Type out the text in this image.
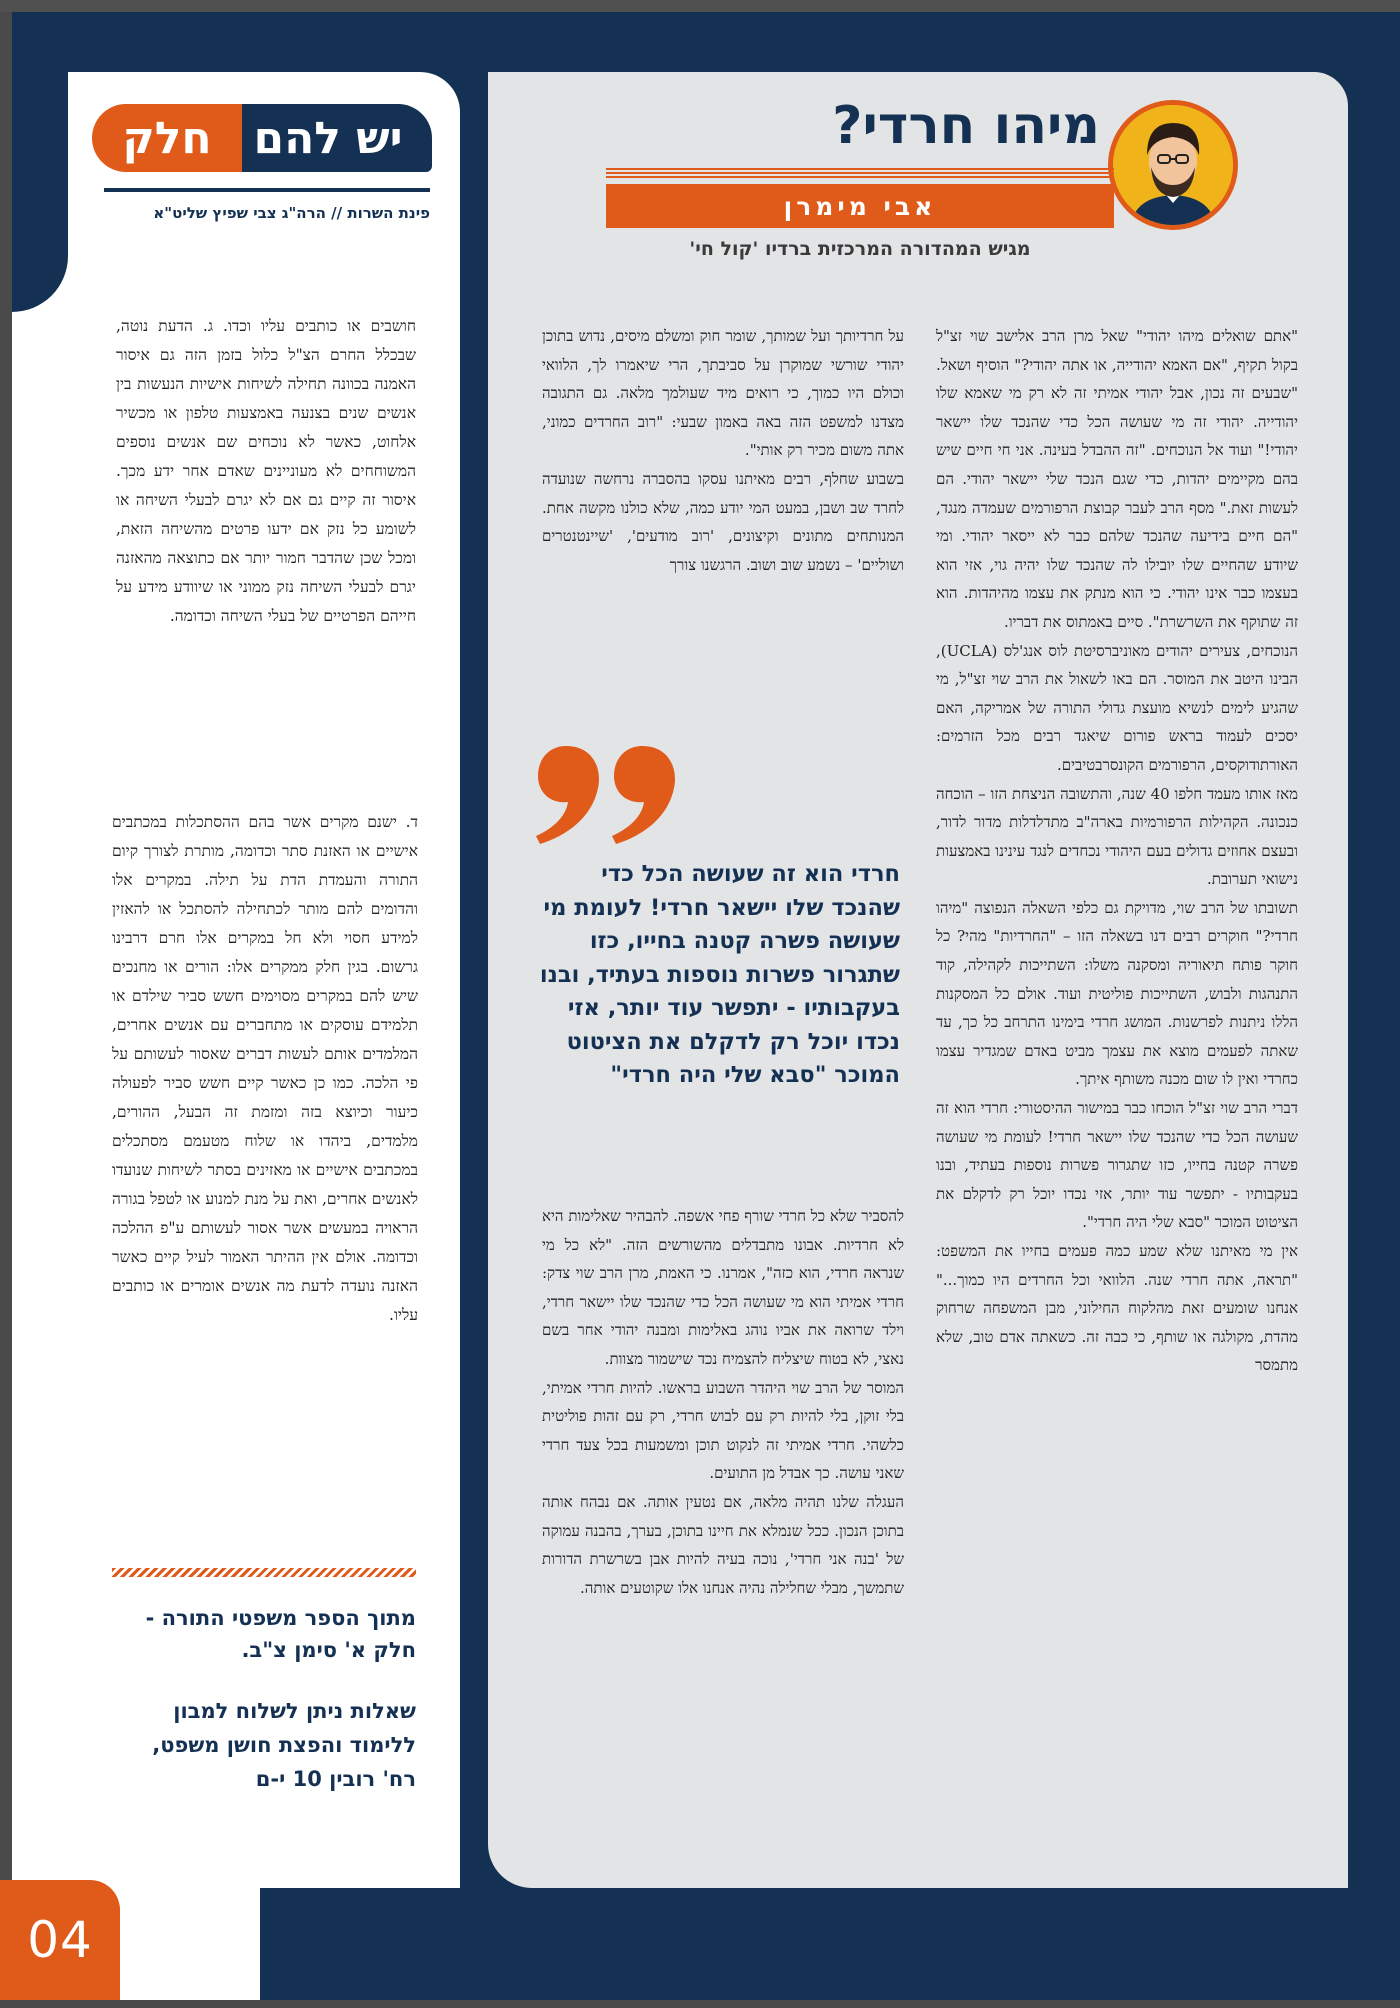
04
יש להם
חלק
פינת השרות // הרה"ג צבי שפיץ שליט"א
חושבים או כותבים עליו וכדו. ג. הדעת נוטה, שבכלל החרם הצ"ל כלול בזמן הזה גם איסור האמנה בכוונה תחילה לשיחות אישיות הנעשות בין אנשים שנים בצנעה באמצעות טלפון או מכשיר אלחוט, כאשר לא נוכחים שם אנשים נוספים המשוחחים לא מעוניינים שאדם אחר ידע מכך. איסור זה קיים גם אם לא יגרם לבעלי השיחה או לשומע כל נזק אם ידעו פרטים מהשיחה הזאת, ומכל שכן שהדבר חמור יותר אם כתוצאה מהאזנה יגרם לבעלי השיחה נזק ממוני או שיוודע מידע על חייהם הפרטיים של בעלי השיחה וכדומה.
ד. ישנם מקרים אשר בהם ההסתכלות במכתבים אישיים או האזנת סתר וכדומה, מותרת לצורך קיום התורה והעמדת הדת על תילה. במקרים אלו והדומים להם מותר לכתחילה להסתכל או להאזין למידע חסוי ולא חל במקרים אלו חרם דרבינו גרשום. בגין חלק ממקרים אלו: הורים או מחנכים שיש להם במקרים מסוימים חשש סביר שילדם או תלמידם עוסקים או מתחברים עם אנשים אחרים, המלמדים אותם לעשות דברים שאסור לעשותם על פי הלכה. כמו כן כאשר קיים חשש סביר לפעולה כיעור וכיוצא בזה ומזמת זה הבעל, ההורים, מלמדים, ביהדו או שלוח מטעמם מסתכלים במכתבים אישיים או מאזינים בסתר לשיחות שנועדו לאנשים אחרים, ואת על מנת למנוע או לטפל בגורה הראויה במעשים אשר אסור לעשותם ע"פ ההלכה וכדומה. אולם אין ההיתר האמור לעיל קיים כאשר האזנה נועדה לדעת מה אנשים אומרים או כותבים עליו.
מתוך הספר משפטי התורה - חלק א' סימן צ"ב.
שאלות ניתן לשלוח למבון ללימוד והפצת חושן משפט, רח' רובין 10 י-ם
מיהו חרדי?
אבי מימרן
מגיש המהדורה המרכזית ברדיו 'קול חי'

"אתם שואלים מיהו יהודי" שאל מרן הרב אלישב שוי זצ"ל בקול תקיף, "אם האמא יהודייה, או אתה יהודי?" הוסיף ושאל. "שבעים זה נכון, אבל יהודי אמיתי זה לא רק מי שאמא שלו יהודייה. יהודי זה מי שעושה הכל כדי שהנכד שלו יישאר יהודי!" ועוד אל הנוכחים. "זה ההבדל בעינה. אני חי חיים שיש בהם מקיימים יהדות, כדי שגם הנכד שלי יישאר יהודי. הם לעשות זאת." מסף הרב לעבר קבוצת הרפורמים שעמדה מנגד, "הם חיים בידיעה שהנכד שלהם כבר לא ייסאר יהודי. ומי שיודע שהחיים שלו יובילו לה שהנכד שלו יהיה גוי, אזי הוא בעצמו כבר אינו יהודי. כי הוא מנתק את עצמו מהיהדות. הוא זה שתוקף את השרשרת". סיים באמתוס את דבריו.

הנוכחים, צעירים יהודים מאוניברסיטת לוס אנג'לס (UCLA), הבינו היטב את המוסר. הם באו לשאול את הרב שוי זצ"ל, מי שהגיע לימים לנשיא מועצת גדולי התורה של אמריקה, האם יסכים לעמוד בראש פורום שיאגד רבים מכל הזרמים: האורתודוקסים, הרפורמים הקונסרבטיבים.

מאז אותו מעמד חלפו 40 שנה, והתשובה הניצחת הזו – הוכחה כנכונה. הקהילות הרפורמיות בארה"ב מתדלדלות מדור לדור, ובעצם אחוזים גדולים בעם היהודי נכחדים לנגד עינינו באמצעות נישואי תערובת.

תשובתו של הרב שוי, מדויקת גם כלפי השאלה הנפוצה "מיהו חרדי?" חוקרים רבים דנו בשאלה הזו – "החרדיות" מהי? כל חוקר פותח תיאוריה ומסקנה משלו: השתייכות לקהילה, קוד התנהגות ולבוש, השתייכות פוליטית ועוד. אולם כל המסקנות הללו ניתנות לפרשנות. המושג חרדי בימינו התרחב כל כך, עד שאתה לפעמים מוצא את עצמך מביט באדם שמגדיר עצמו כחרדי ואין לו שום מכנה משותף איתך.

דברי הרב שוי זצ"ל הוכחו כבר במישור ההיסטורי: חרדי הוא זה שעושה הכל כדי שהנכד שלו יישאר חרדי! לעומת מי שעושה פשרה קטנה בחייו, כזו שתגרור פשרות נוספות בעתיד, ובנו בעקבותיו - יתפשר עוד יותר, אזי נכדו יוכל רק לדקלם את הציטוט המוכר "סבא שלי היה חרדי".

אין מי מאיתנו שלא שמע כמה פעמים בחייו את המשפט: "תראה, אתה חרדי שנה. הלוואי וכל החרדים היו כמוך..." אנחנו שומעים זאת מהלקוח החילוני, מבן המשפחה שרחוק מהדת, מקולגה או שותף, כי כבה זה. כשאתה אדם טוב, שלא מתמסר

על חרדיותך ועל שמותך, שומר חוק ומשלם מיסים, נדוש בתוכן יהודי שורשי שמוקרן על סביבתך, הרי שיאמרו לך, הלוואי וכולם היו כמוך, כי רואים מיד שעולמך מלאה. גם התגובה מצדנו למשפט הזה באה באמון שבעי: "רוב החרדים כמוני, אתה משום מכיר רק אותי".

בשבוע שחלף, רבים מאיתנו עסקו בהסברה נרחשה שנועדה לחרד שב ושבן, במעט המי יודע כמה, שלא כולנו מקשה אחת. המנותחים מתונים וקיצונים, 'רוב מודעים', 'שיינטנטרים ושוליים' – נשמע שוב ושוב. הרגשנו צורך

חרדי הוא זה שעושה הכל כדי שהנכד שלו יישאר חרדי! לעומת מי שעושה פשרה קטנה בחייו, כזו שתגרור פשרות נוספות בעתיד, ובנו בעקבותיו - יתפשר עוד יותר, אזי נכדו יוכל רק לדקלם את הציטוט המוכר "סבא שלי היה חרדי"

להסביר שלא כל חרדי שורף פחי אשפה. להבהיר שאלימות היא לא חרדיות. אבונו מתבדלים מהשורשים הזה. "לא כל מי שנראה חרדי, הוא כזה", אמרנו. כי האמת, מרן הרב שוי צדק: חרדי אמיתי הוא מי שעושה הכל כדי שהנכד שלו יישאר חרדי, וילד שרואה את אביו נוהג באלימות ומבנה יהודי אחר בשם נאצי, לא בטוח שיצליח להצמיח נכד שישמור מצוות.

המוסר של הרב שוי היהדר השבוע בראשו. להיות חרדי אמיתי, בלי זוקן, בלי להיות רק עם לבוש חרדי, רק עם זהות פוליטית כלשהי. חרדי אמיתי זה לנקוט תוכן ומשמעות בכל צעד חרדי שאני עושה. כך אבדל מן התועים.

העגלה שלנו תהיה מלאה, אם נטעין אותה. אם נבהח אותה בתוכן הנכון. ככל שנמלא את חיינו בתוכן, בערך, בהבנה עמוקה של 'בנה אני חרדי', נוכה בעיה להיות אבן בשרשרת הדורות שתמשך, מבלי שחלילה נהיה אנחנו אלו שקוטעים אותה.
